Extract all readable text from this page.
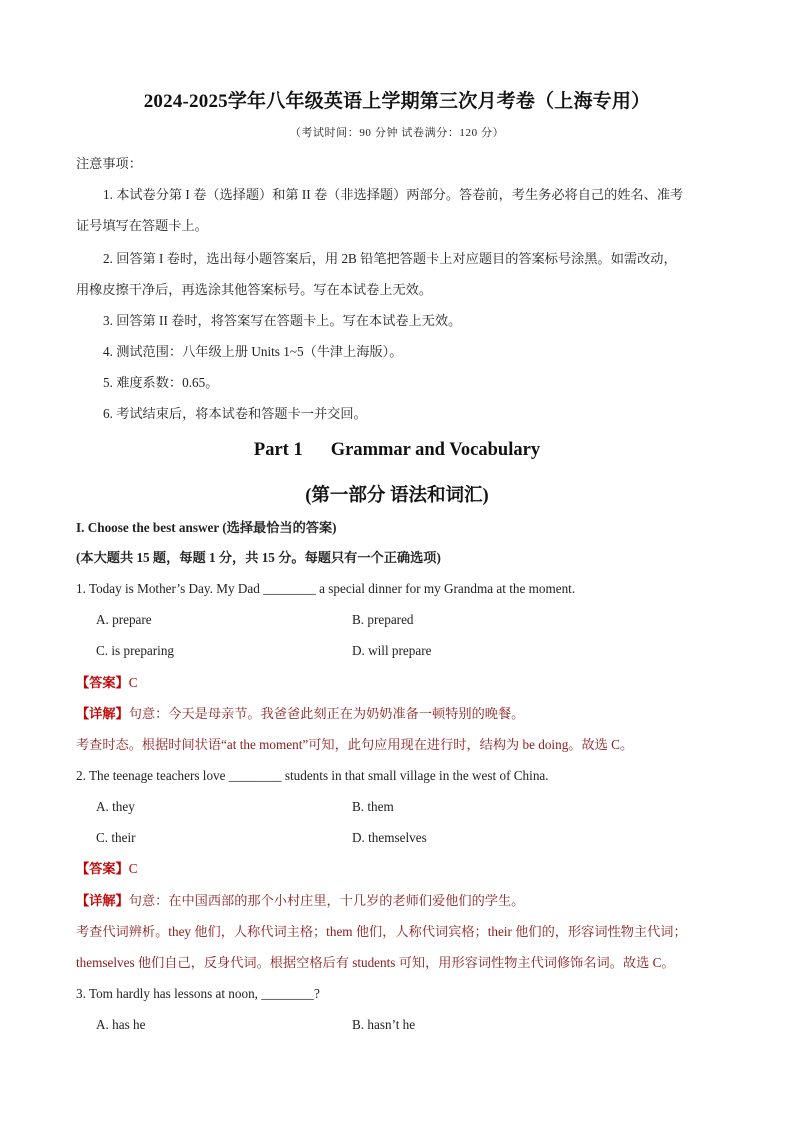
2024-2025学年八年级英语上学期第三次月考卷（上海专用）
（考试时间：90 分钟 试卷满分：120 分）
注意事项：
1. 本试卷分第 I 卷（选择题）和第 II 卷（非选择题）两部分。答卷前，考生务必将自己的姓名、准考
证号填写在答题卡上。
2. 回答第 I 卷时，选出每小题答案后，用 2B 铅笔把答题卡上对应题目的答案标号涂黑。如需改动，
用橡皮擦干净后，再选涂其他答案标号。写在本试卷上无效。
3. 回答第 II 卷时，将答案写在答题卡上。写在本试卷上无效。
4. 测试范围：八年级上册 Units 1~5（牛津上海版）。
5. 难度系数：0.65。
6. 考试结束后，将本试卷和答题卡一并交回。
Part 1 Grammar and Vocabulary
(第一部分 语法和词汇)
I. Choose the best answer (选择最恰当的答案)
(本大题共 15 题，每题 1 分，共 15 分。每题只有一个正确选项)
1. Today is Mother’s Day. My Dad ________ a special dinner for my Grandma at the moment.
A. prepare	B. prepared
C. is preparing	D. will prepare
【答案】C
【详解】句意：今天是母亲节。我爸爸此刻正在为奶奶准备一顿特别的晚餐。
考查时态。根据时间状语“at the moment”可知，此句应用现在进行时，结构为 be doing。故选 C。
2. The teenage teachers love ________ students in that small village in the west of China.
A. they	B. them
C. their	D. themselves
【答案】C
【详解】句意：在中国西部的那个小村庄里，十几岁的老师们爱他们的学生。
考查代词辨析。they 他们，人称代词主格；them 他们，人称代词宾格；their 他们的，形容词性物主代词；
themselves 他们自己，反身代词。根据空格后有 students 可知，用形容词性物主代词修饰名词。故选 C。
3. Tom hardly has lessons at noon, ________?
A. has he	B. hasn’t he
